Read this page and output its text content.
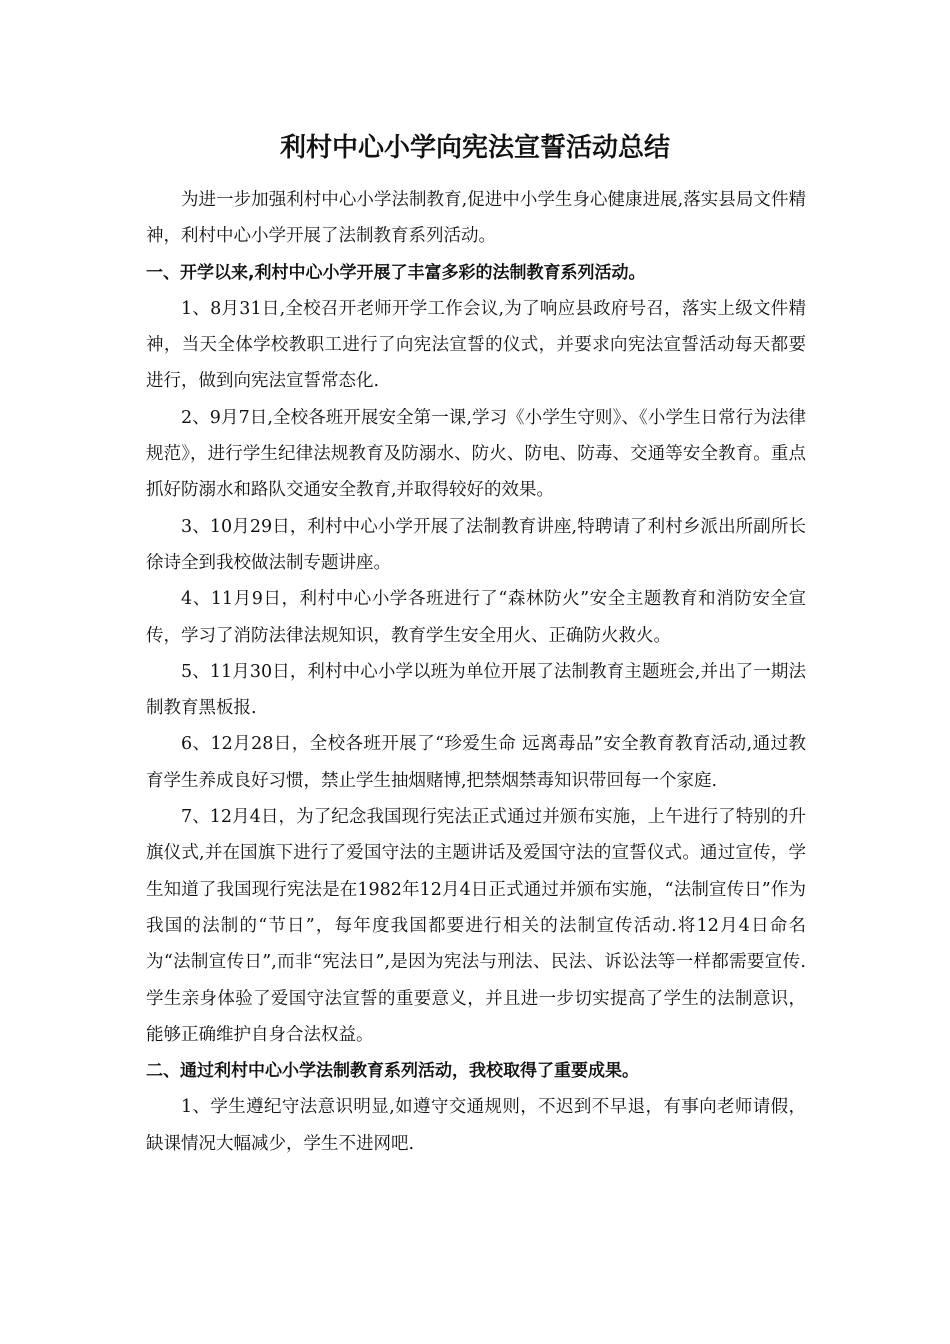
利村中心小学向宪法宣誓活动总结

为进一步加强利村中心小学法制教育,促进中小学生身心健康进展,落实县局文件精神，利村中心小学开展了法制教育系列活动。

一、开学以来,利村中心小学开展了丰富多彩的法制教育系列活动。

1、8月31日,全校召开老师开学工作会议,为了响应县政府号召，落实上级文件精神，当天全体学校教职工进行了向宪法宣誓的仪式，并要求向宪法宣誓活动每天都要进行，做到向宪法宣誓常态化.

2、9月7日,全校各班开展安全第一课,学习《小学生守则》、《小学生日常行为法律规范》，进行学生纪律法规教育及防溺水、防火、防电、防毒、交通等安全教育。重点抓好防溺水和路队交通安全教育,并取得较好的效果。

3、10月29日，利村中心小学开展了法制教育讲座,特聘请了利村乡派出所副所长徐诗全到我校做法制专题讲座。

4、11月9日，利村中心小学各班进行了“森林防火”安全主题教育和消防安全宣传，学习了消防法律法规知识，教育学生安全用火、正确防火救火。

5、11月30日，利村中心小学以班为单位开展了法制教育主题班会,并出了一期法制教育黑板报.

6、12月28日，全校各班开展了“珍爱生命 远离毒品”安全教育教育活动,通过教育学生养成良好习惯，禁止学生抽烟赌博,把禁烟禁毒知识带回每一个家庭.

7、12月4日，为了纪念我国现行宪法正式通过并颁布实施，上午进行了特别的升旗仪式,并在国旗下进行了爱国守法的主题讲话及爱国守法的宣誓仪式。通过宣传，学生知道了我国现行宪法是在1982年12月4日正式通过并颁布实施，“法制宣传日”作为我国的法制的“节日”，每年度我国都要进行相关的法制宣传活动.将12月4日命名为“法制宣传日”,而非“宪法日”,是因为宪法与刑法、民法、诉讼法等一样都需要宣传.学生亲身体验了爱国守法宣誓的重要意义，并且进一步切实提高了学生的法制意识，能够正确维护自身合法权益。

二、通过利村中心小学法制教育系列活动，我校取得了重要成果。

1、学生遵纪守法意识明显,如遵守交通规则，不迟到不早退，有事向老师请假，缺课情况大幅减少，学生不进网吧.
